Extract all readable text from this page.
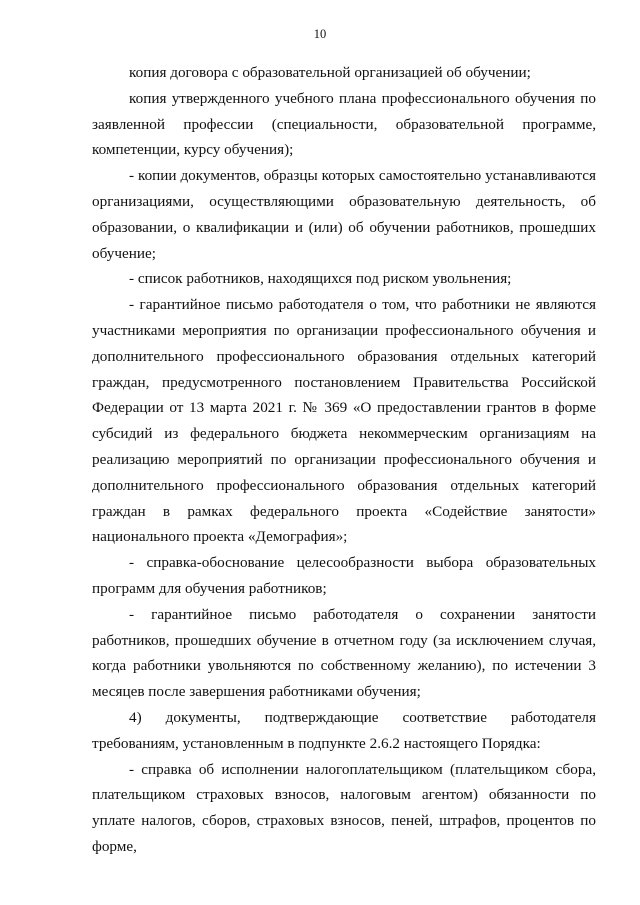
10

копия договора с образовательной организацией об обучении;

копия утвержденного учебного плана профессионального обучения по заявленной профессии (специальности, образовательной программе, компетенции, курсу обучения);

- копии документов, образцы которых самостоятельно устанавливаются организациями, осуществляющими образовательную деятельность, об образовании, о квалификации и (или) об обучении работников, прошедших обучение;

- список работников, находящихся под риском увольнения;

- гарантийное письмо работодателя о том, что работники не являются участниками мероприятия по организации профессионального обучения и дополнительного профессионального образования отдельных категорий граждан, предусмотренного постановлением Правительства Российской Федерации от 13 марта 2021 г. № 369 «О предоставлении грантов в форме субсидий из федерального бюджета некоммерческим организациям на реализацию мероприятий по организации профессионального обучения и дополнительного профессионального образования отдельных категорий граждан в рамках федерального проекта «Содействие занятости» национального проекта «Демография»;

- справка-обоснование целесообразности выбора образовательных программ для обучения работников;

- гарантийное письмо работодателя о сохранении занятости работников, прошедших обучение в отчетном году (за исключением случая, когда работники увольняются по собственному желанию), по истечении 3 месяцев после завершения работниками обучения;

4) документы, подтверждающие соответствие работодателя требованиям, установленным в подпункте 2.6.2 настоящего Порядка:

- справка об исполнении налогоплательщиком (плательщиком сбора, плательщиком страховых взносов, налоговым агентом) обязанности по уплате налогов, сборов, страховых взносов, пеней, штрафов, процентов по форме,
